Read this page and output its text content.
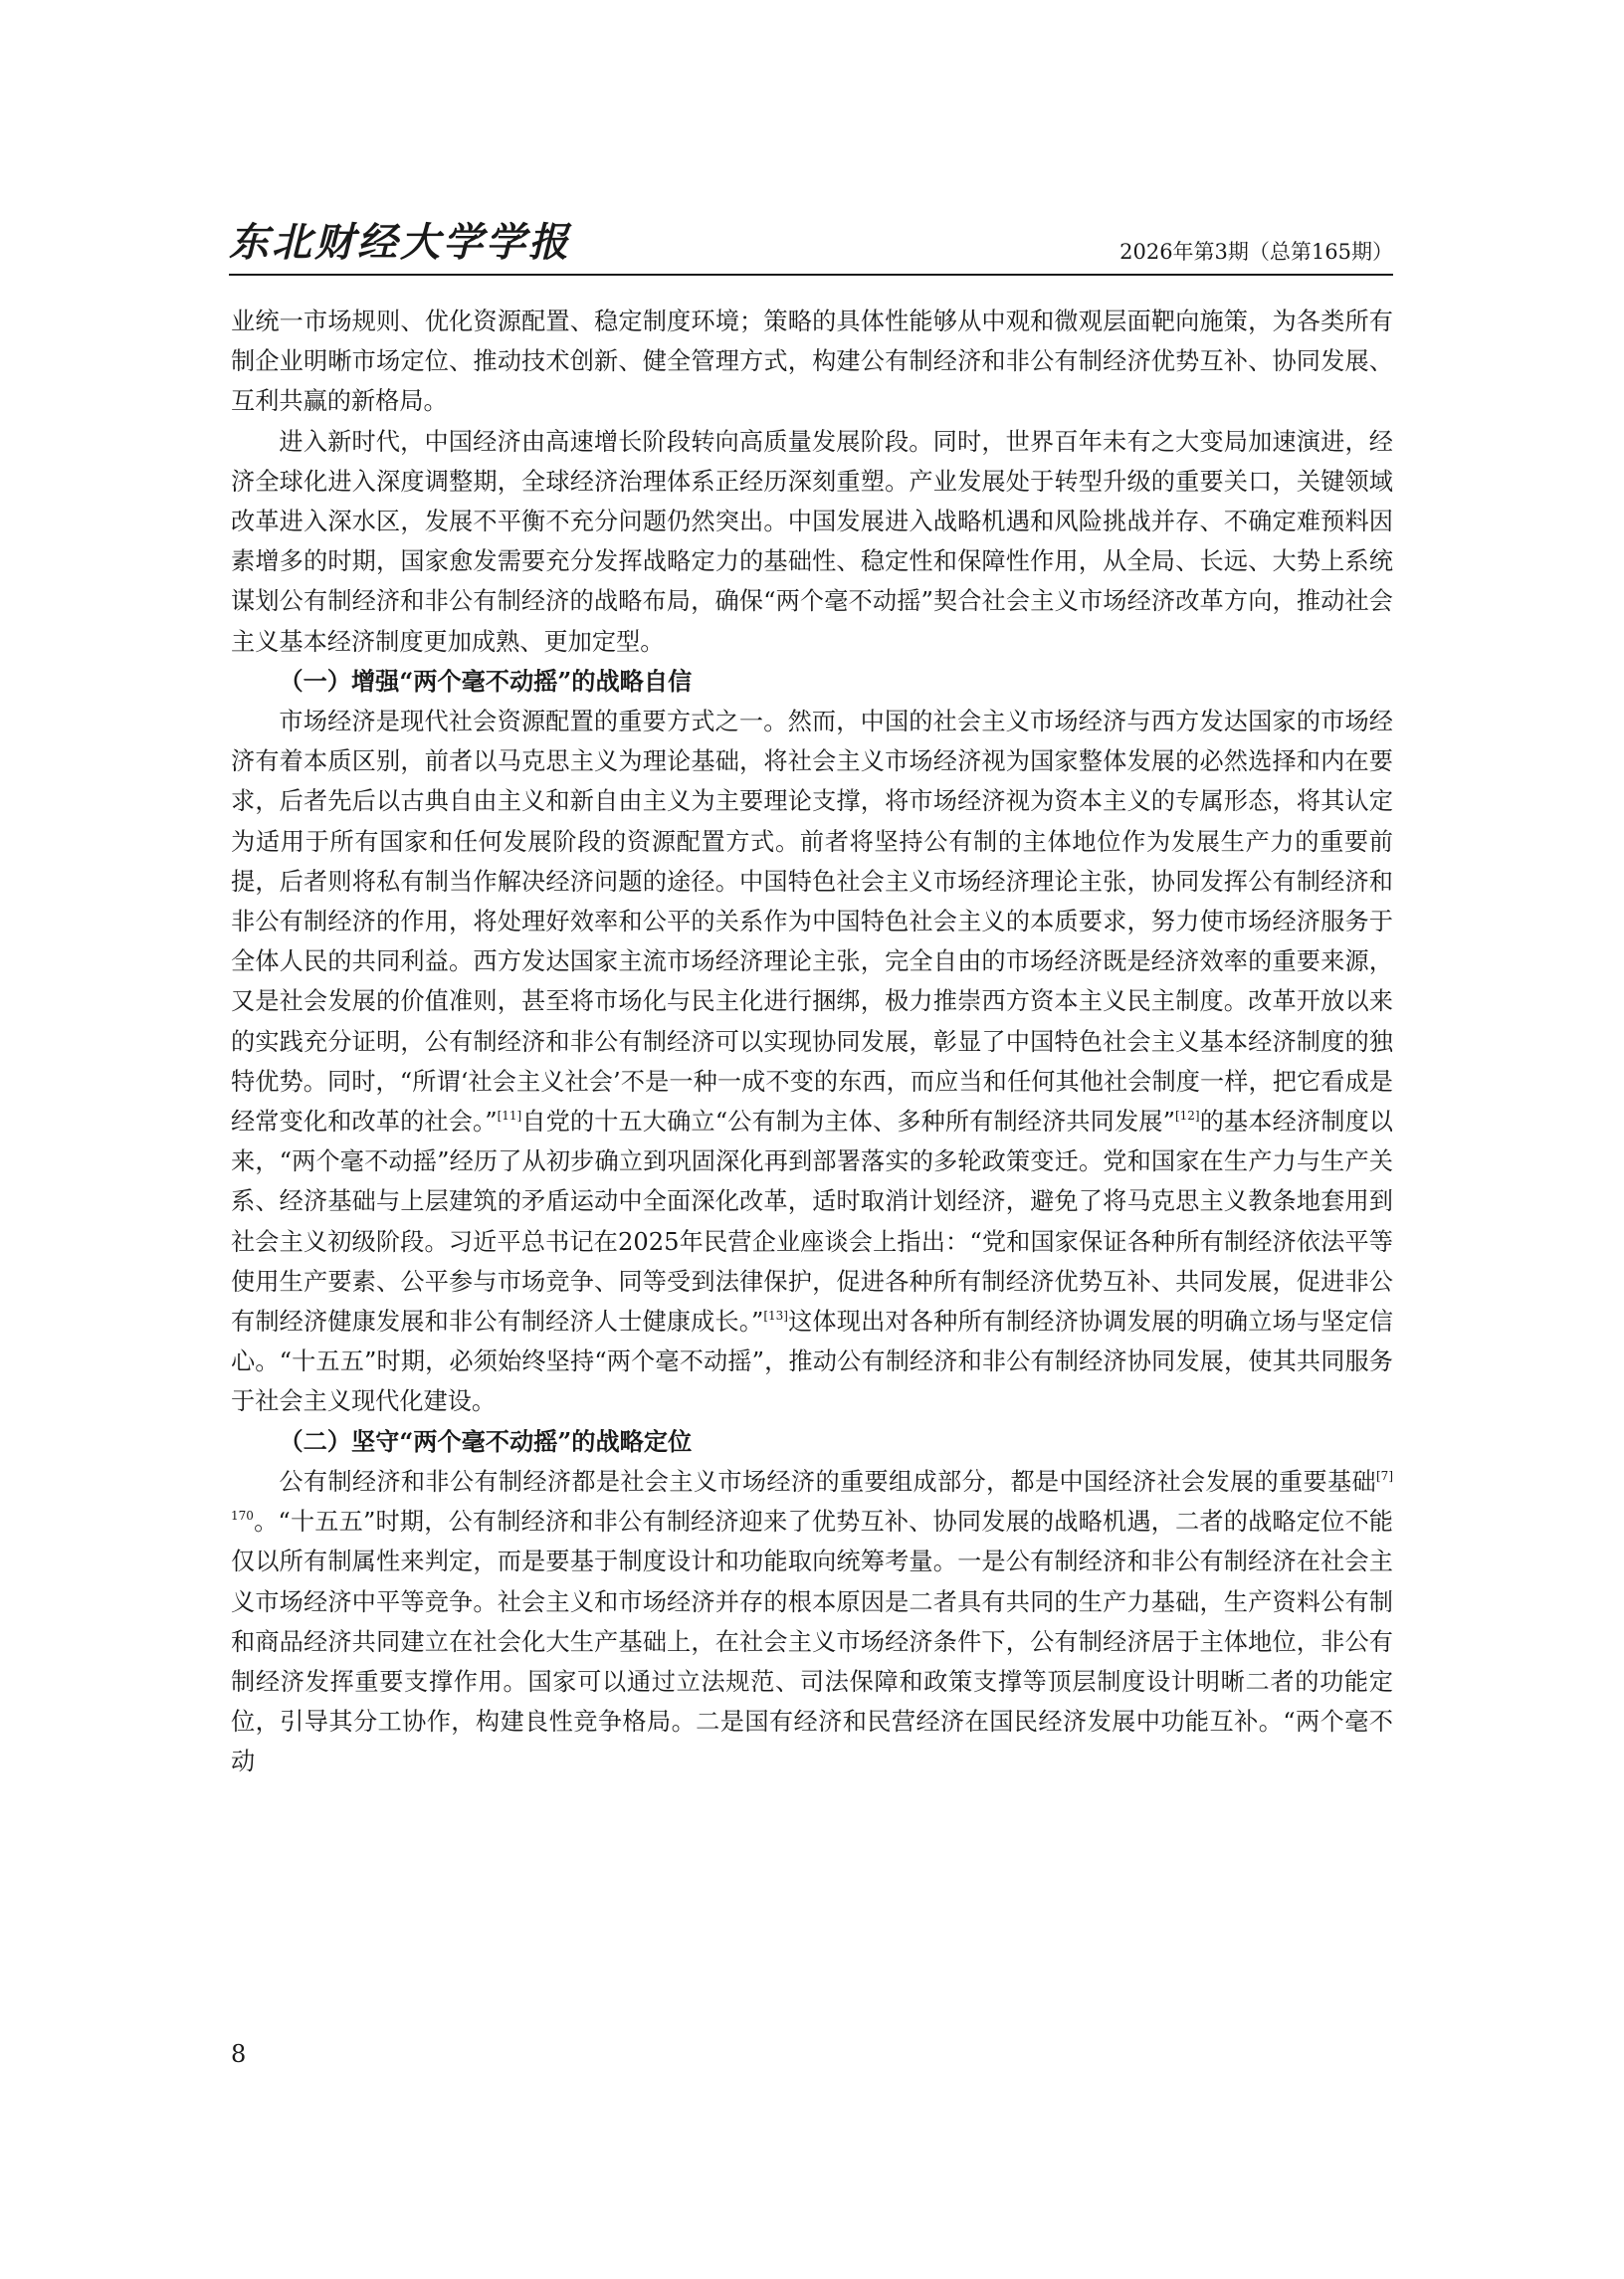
东北财经大学学报	2026年第3期（总第165期）

业统一市场规则、优化资源配置、稳定制度环境；策略的具体性能够从中观和微观层面靶向施策，为各类所有制企业明晰市场定位、推动技术创新、健全管理方式，构建公有制经济和非公有制经济优势互补、协同发展、互利共赢的新格局。

进入新时代，中国经济由高速增长阶段转向高质量发展阶段。同时，世界百年未有之大变局加速演进，经济全球化进入深度调整期，全球经济治理体系正经历深刻重塑。产业发展处于转型升级的重要关口，关键领域改革进入深水区，发展不平衡不充分问题仍然突出。中国发展进入战略机遇和风险挑战并存、不确定难预料因素增多的时期，国家愈发需要充分发挥战略定力的基础性、稳定性和保障性作用，从全局、长远、大势上系统谋划公有制经济和非公有制经济的战略布局，确保“两个毫不动摇”契合社会主义市场经济改革方向，推动社会主义基本经济制度更加成熟、更加定型。

（一）增强“两个毫不动摇”的战略自信

市场经济是现代社会资源配置的重要方式之一。然而，中国的社会主义市场经济与西方发达国家的市场经济有着本质区别，前者以马克思主义为理论基础，将社会主义市场经济视为国家整体发展的必然选择和内在要求，后者先后以古典自由主义和新自由主义为主要理论支撑，将市场经济视为资本主义的专属形态，将其认定为适用于所有国家和任何发展阶段的资源配置方式。前者将坚持公有制的主体地位作为发展生产力的重要前提，后者则将私有制当作解决经济问题的途径。中国特色社会主义市场经济理论主张，协同发挥公有制经济和非公有制经济的作用，将处理好效率和公平的关系作为中国特色社会主义的本质要求，努力使市场经济服务于全体人民的共同利益。西方发达国家主流市场经济理论主张，完全自由的市场经济既是经济效率的重要来源，又是社会发展的价值准则，甚至将市场化与民主化进行捆绑，极力推崇西方资本主义民主制度。改革开放以来的实践充分证明，公有制经济和非公有制经济可以实现协同发展，彰显了中国特色社会主义基本经济制度的独特优势。同时，“所谓‘社会主义社会’不是一种一成不变的东西，而应当和任何其他社会制度一样，把它看成是经常变化和改革的社会。”[11]自党的十五大确立“公有制为主体、多种所有制经济共同发展”[12]的基本经济制度以来，“两个毫不动摇”经历了从初步确立到巩固深化再到部署落实的多轮政策变迁。党和国家在生产力与生产关系、经济基础与上层建筑的矛盾运动中全面深化改革，适时取消计划经济，避免了将马克思主义教条地套用到社会主义初级阶段。习近平总书记在2025年民营企业座谈会上指出：“党和国家保证各种所有制经济依法平等使用生产要素、公平参与市场竞争、同等受到法律保护，促进各种所有制经济优势互补、共同发展，促进非公有制经济健康发展和非公有制经济人士健康成长。”[13]这体现出对各种所有制经济协调发展的明确立场与坚定信心。“十五五”时期，必须始终坚持“两个毫不动摇”，推动公有制经济和非公有制经济协同发展，使其共同服务于社会主义现代化建设。

（二）坚守“两个毫不动摇”的战略定位

公有制经济和非公有制经济都是社会主义市场经济的重要组成部分，都是中国经济社会发展的重要基础$^{[7] 170}$。“十五五”时期，公有制经济和非公有制经济迎来了优势互补、协同发展的战略机遇，二者的战略定位不能仅以所有制属性来判定，而是要基于制度设计和功能取向统筹考量。一是公有制经济和非公有制经济在社会主义市场经济中平等竞争。社会主义和市场经济并存的根本原因是二者具有共同的生产力基础，生产资料公有制和商品经济共同建立在社会化大生产基础上，在社会主义市场经济条件下，公有制经济居于主体地位，非公有制经济发挥重要支撑作用。国家可以通过立法规范、司法保障和政策支撑等顶层制度设计明晰二者的功能定位，引导其分工协作，构建良性竞争格局。二是国有经济和民营经济在国民经济发展中功能互补。“两个毫不动

8
